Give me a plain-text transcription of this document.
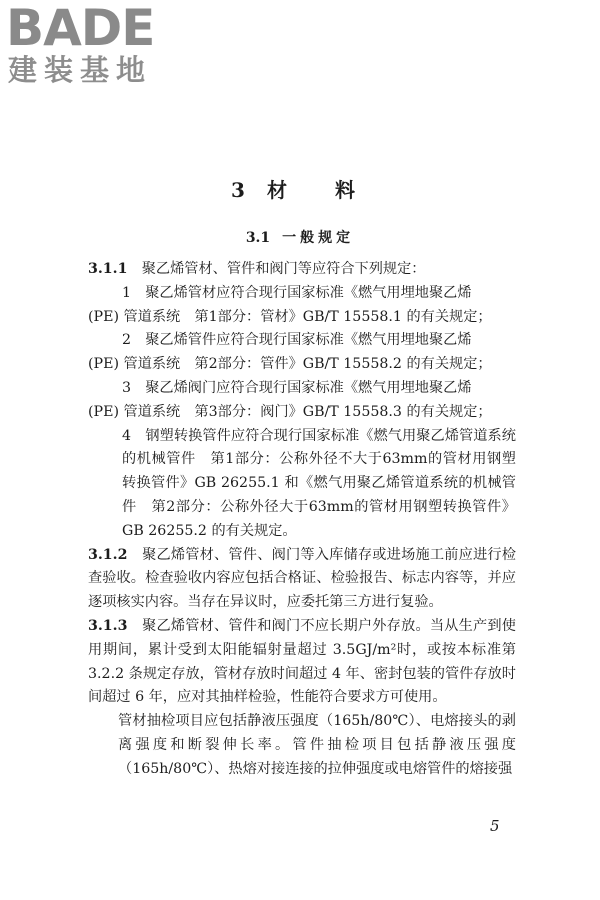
BADE
建装基地
3 材　料
3.1 一般规定

3.1.1　 聚乙烯管材、管件和阀门等应符合下列规定：

1　 聚乙烯管材应符合现行国家标准《燃气用埋地聚乙烯

(PE) 管道系统　第1部分：管材》GB/T 15558.1 的有关规定；

2　 聚乙烯管件应符合现行国家标准《燃气用埋地聚乙烯

(PE) 管道系统　第2部分：管件》GB/T 15558.2 的有关规定；

3　 聚乙烯阀门应符合现行国家标准《燃气用埋地聚乙烯

(PE) 管道系统　第3部分：阀门》GB/T 15558.3 的有关规定；

4　 钢塑转换管件应符合现行国家标准《燃气用聚乙烯管道系统的机械管件　第1部分：公称外径不大于63mm的管材用钢塑转换管件》GB 26255.1 和《燃气用聚乙烯管道系统的机械管件　第2部分：公称外径大于63mm的管材用钢塑转换管件》GB 26255.2 的有关规定。

3.1.2　 聚乙烯管材、管件、阀门等入库储存或进场施工前应进行检查验收。检查验收内容应包括合格证、检验报告、标志内容等，并应逐项核实内容。当存在异议时，应委托第三方进行复验。

3.1.3　 聚乙烯管材、管件和阀门不应长期户外存放。当从生产到使用期间，累计受到太阳能辐射量超过 3.5GJ/m²时，或按本标准第 3.2.2 条规定存放，管材存放时间超过 4 年、密封包装的管件存放时间超过 6 年，应对其抽样检验，性能符合要求方可使用。

管材抽检项目应包括静液压强度（165h/80℃）、电熔接头的剥离强度和断裂伸长率。管件抽检项目包括静液压强度（165h/80℃）、热熔对接连接的拉伸强度或电熔管件的熔接强

5
